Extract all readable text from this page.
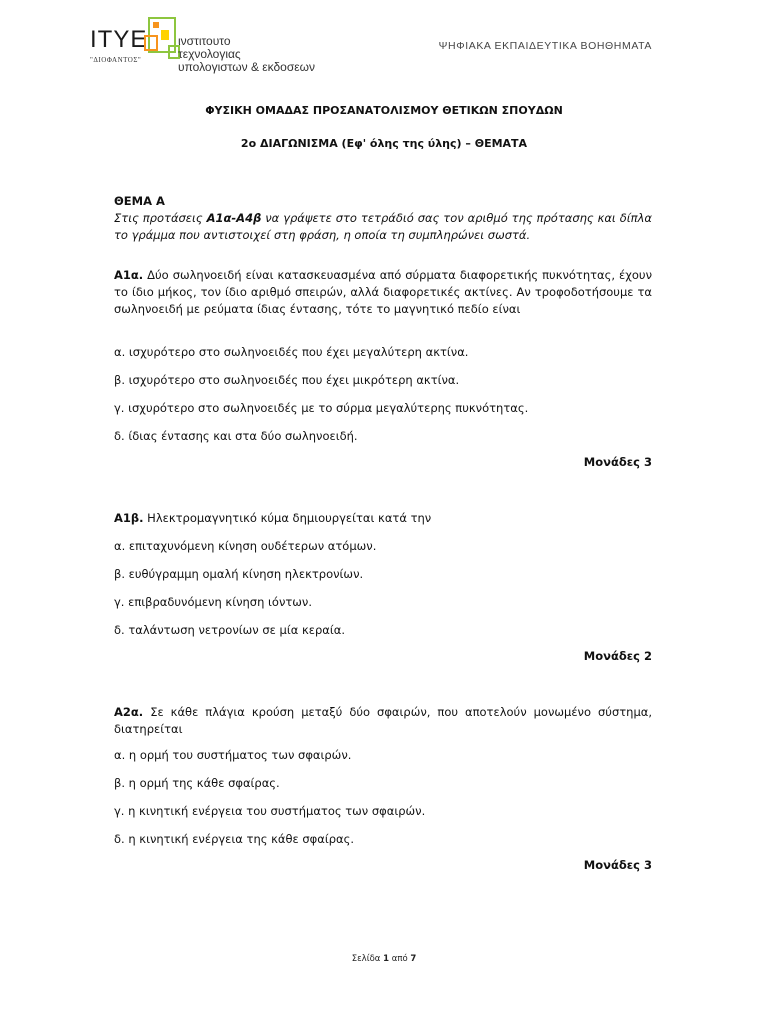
ΙΤΥΕ
"ΔΙΟΦΑΝΤΟΣ"
ινστιτουτο
τεχνολογιας
υπολογιστων & εκδοσεων
ΨΗΦΙΑΚΑ ΕΚΠΑΙΔΕΥΤΙΚΑ ΒΟΗΘΗΜΑΤΑ
ΦΥΣΙΚΗ ΟΜΑΔΑΣ ΠΡΟΣΑΝΑΤΟΛΙΣΜΟΥ ΘΕΤΙΚΩΝ ΣΠΟΥΔΩΝ
2ο ΔΙΑΓΩΝΙΣΜΑ (Εφ' όλης της ύλης) – ΘΕΜΑΤΑ
ΘΕΜΑ Α
Στις προτάσεις Α1α-Α4β να γράψετε στο τετράδιό σας τον αριθμό της πρότασης και δίπλα το γράμμα που αντιστοιχεί στη φράση, η οποία τη συμπληρώνει σωστά.
Α1α. Δύο σωληνοειδή είναι κατασκευασμένα από σύρματα διαφορετικής πυκνότητας, έχουν το ίδιο μήκος, τον ίδιο αριθμό σπειρών, αλλά διαφορετικές ακτίνες. Αν τροφοδοτήσουμε τα σωληνοειδή με ρεύματα ίδιας έντασης, τότε το μαγνητικό πεδίο είναι
α. ισχυρότερο στο σωληνοειδές που έχει μεγαλύτερη ακτίνα.
β. ισχυρότερο στο σωληνοειδές που έχει μικρότερη ακτίνα.
γ. ισχυρότερο στο σωληνοειδές με το σύρμα μεγαλύτερης πυκνότητας.
δ. ίδιας έντασης και στα δύο σωληνοειδή.
Μονάδες 3
Α1β. Ηλεκτρομαγνητικό κύμα δημιουργείται κατά την
α. επιταχυνόμενη κίνηση ουδέτερων ατόμων.
β. ευθύγραμμη ομαλή κίνηση ηλεκτρονίων.
γ. επιβραδυνόμενη κίνηση ιόντων.
δ. ταλάντωση νετρονίων σε μία κεραία.
Μονάδες 2
Α2α. Σε κάθε πλάγια κρούση μεταξύ δύο σφαιρών, που αποτελούν μονωμένο σύστημα, διατηρείται
α. η ορμή του συστήματος των σφαιρών.
β. η ορμή της κάθε σφαίρας.
γ. η κινητική ενέργεια του συστήματος των σφαιρών.
δ. η κινητική ενέργεια της κάθε σφαίρας.
Μονάδες 3
Σελίδα 1 από 7
